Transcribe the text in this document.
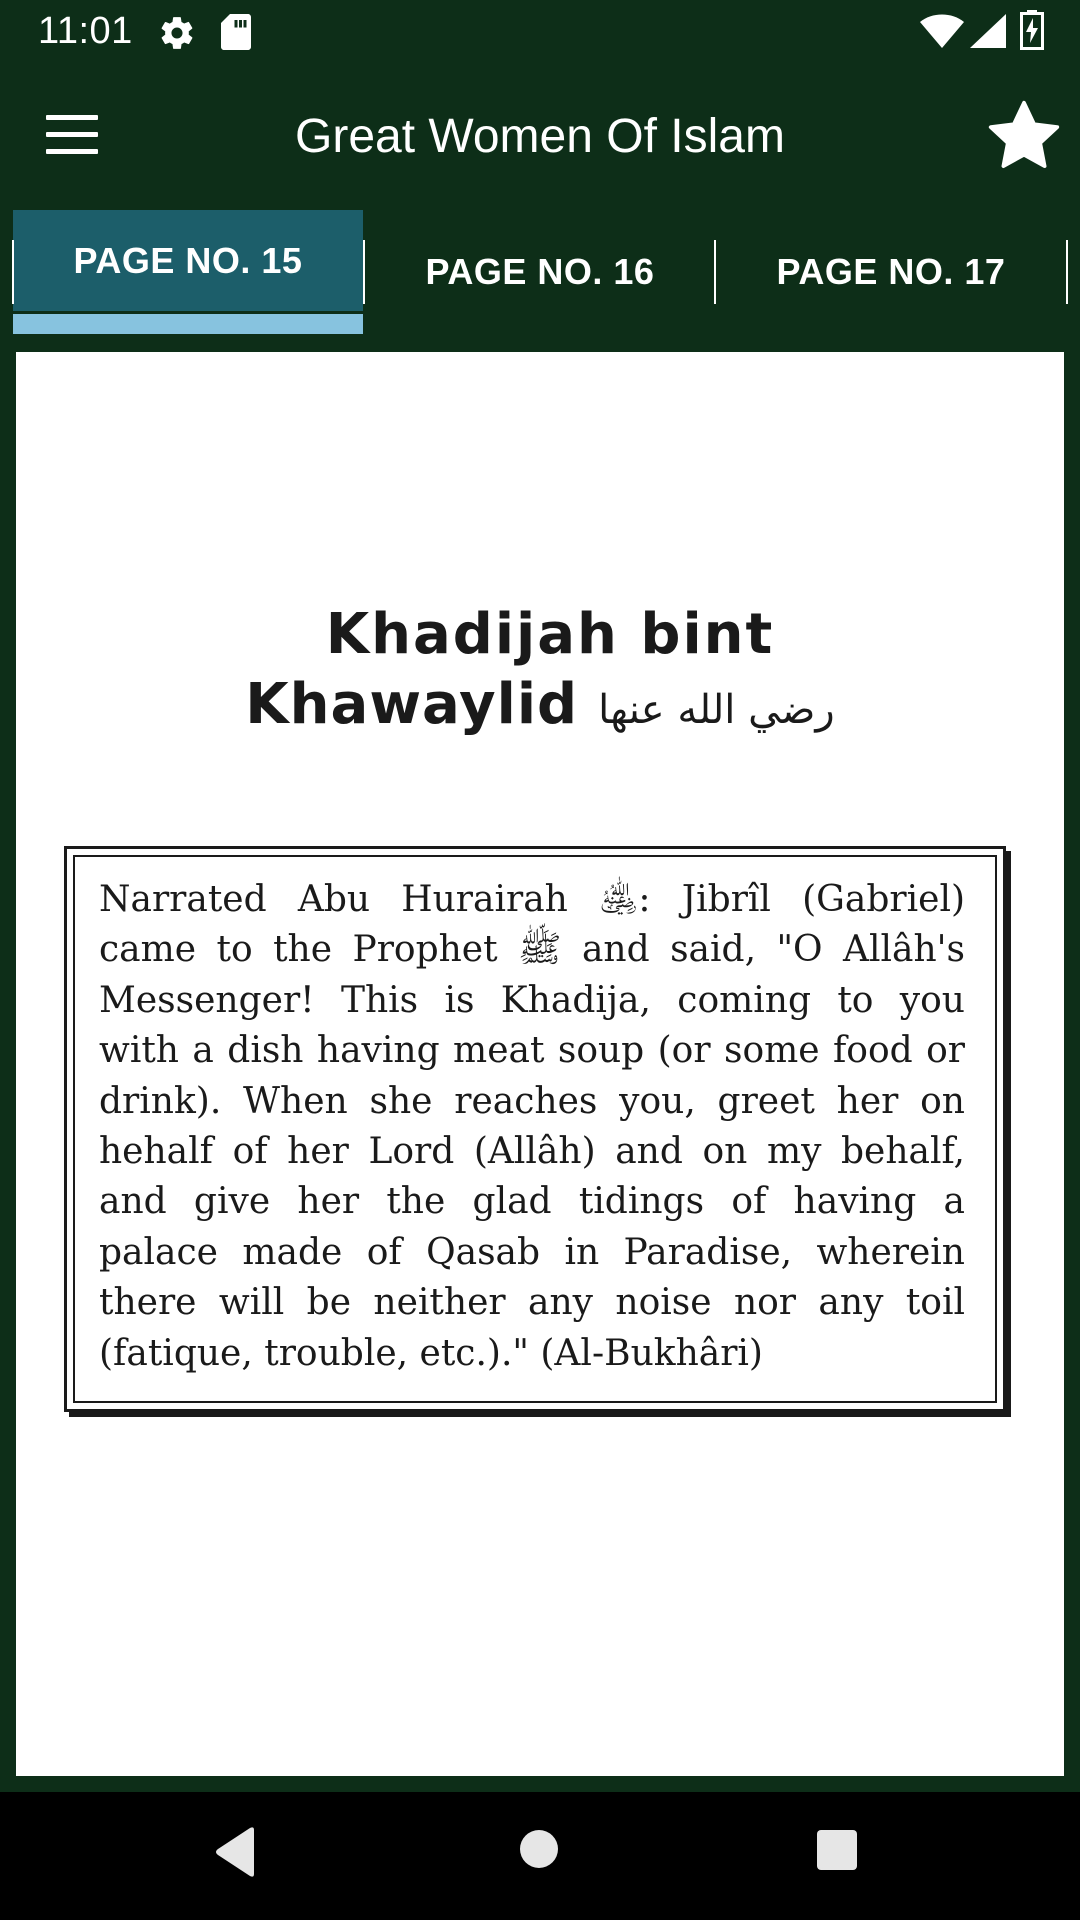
11:01
Great Women Of Islam
PAGE NO. 15	PAGE NO. 16	PAGE NO. 17
Khadijah bint
Khawaylid رضي الله عنها
Narrated Abu Hurairah ﵁: Jibrîl (Gabriel) came to the Prophet ﷺ and said, "O Allâh's Messenger! This is Khadija, coming to you with a dish having meat soup (or some food or drink). When she reaches you, greet her on hehalf of her Lord (Allâh) and on my behalf, and give her the glad tidings of having a palace made of Qasab in Paradise, wherein there will be neither any noise nor any toil (fatique, trouble, etc.)." (Al-Bukhâri)
